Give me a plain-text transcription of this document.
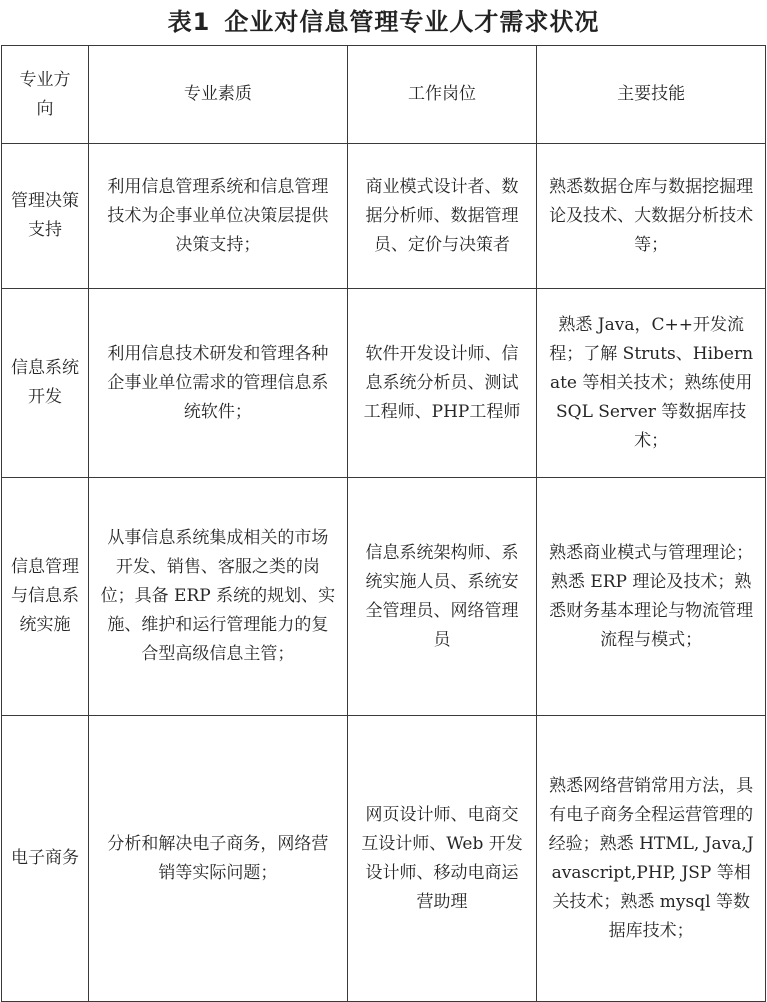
表1 企业对信息管理专业人才需求状况
专业方向	专业素质	工作岗位	主要技能
管理决策支持	利用信息管理系统和信息管理技术为企事业单位决策层提供决策支持；	商业模式设计者、数据分析师、数据管理员、定价与决策者	熟悉数据仓库与数据挖掘理论及技术、大数据分析技术等；
信息系统开发	利用信息技术研发和管理各种企事业单位需求的管理信息系统软件；	软件开发设计师、信息系统分析员、测试工程师、PHP工程师	熟悉 Java，C++开发流程；了解 Struts、Hibernate 等相关技术；熟练使用 SQL Server 等数据库技术；
信息管理与信息系统实施	从事信息系统集成相关的市场开发、销售、客服之类的岗位；具备 ERP 系统的规划、实施、维护和运行管理能力的复合型高级信息主管；	信息系统架构师、系统实施人员、系统安全管理员、网络管理员	熟悉商业模式与管理理论；熟悉 ERP 理论及技术；熟悉财务基本理论与物流管理流程与模式；
电子商务	分析和解决电子商务，网络营销等实际问题；	网页设计师、电商交互设计师、Web 开发设计师、移动电商运营助理	熟悉网络营销常用方法，具有电子商务全程运营管理的经验；熟悉 HTML, Java,Javascript,PHP, JSP 等相关技术；熟悉 mysql 等数据库技术；
